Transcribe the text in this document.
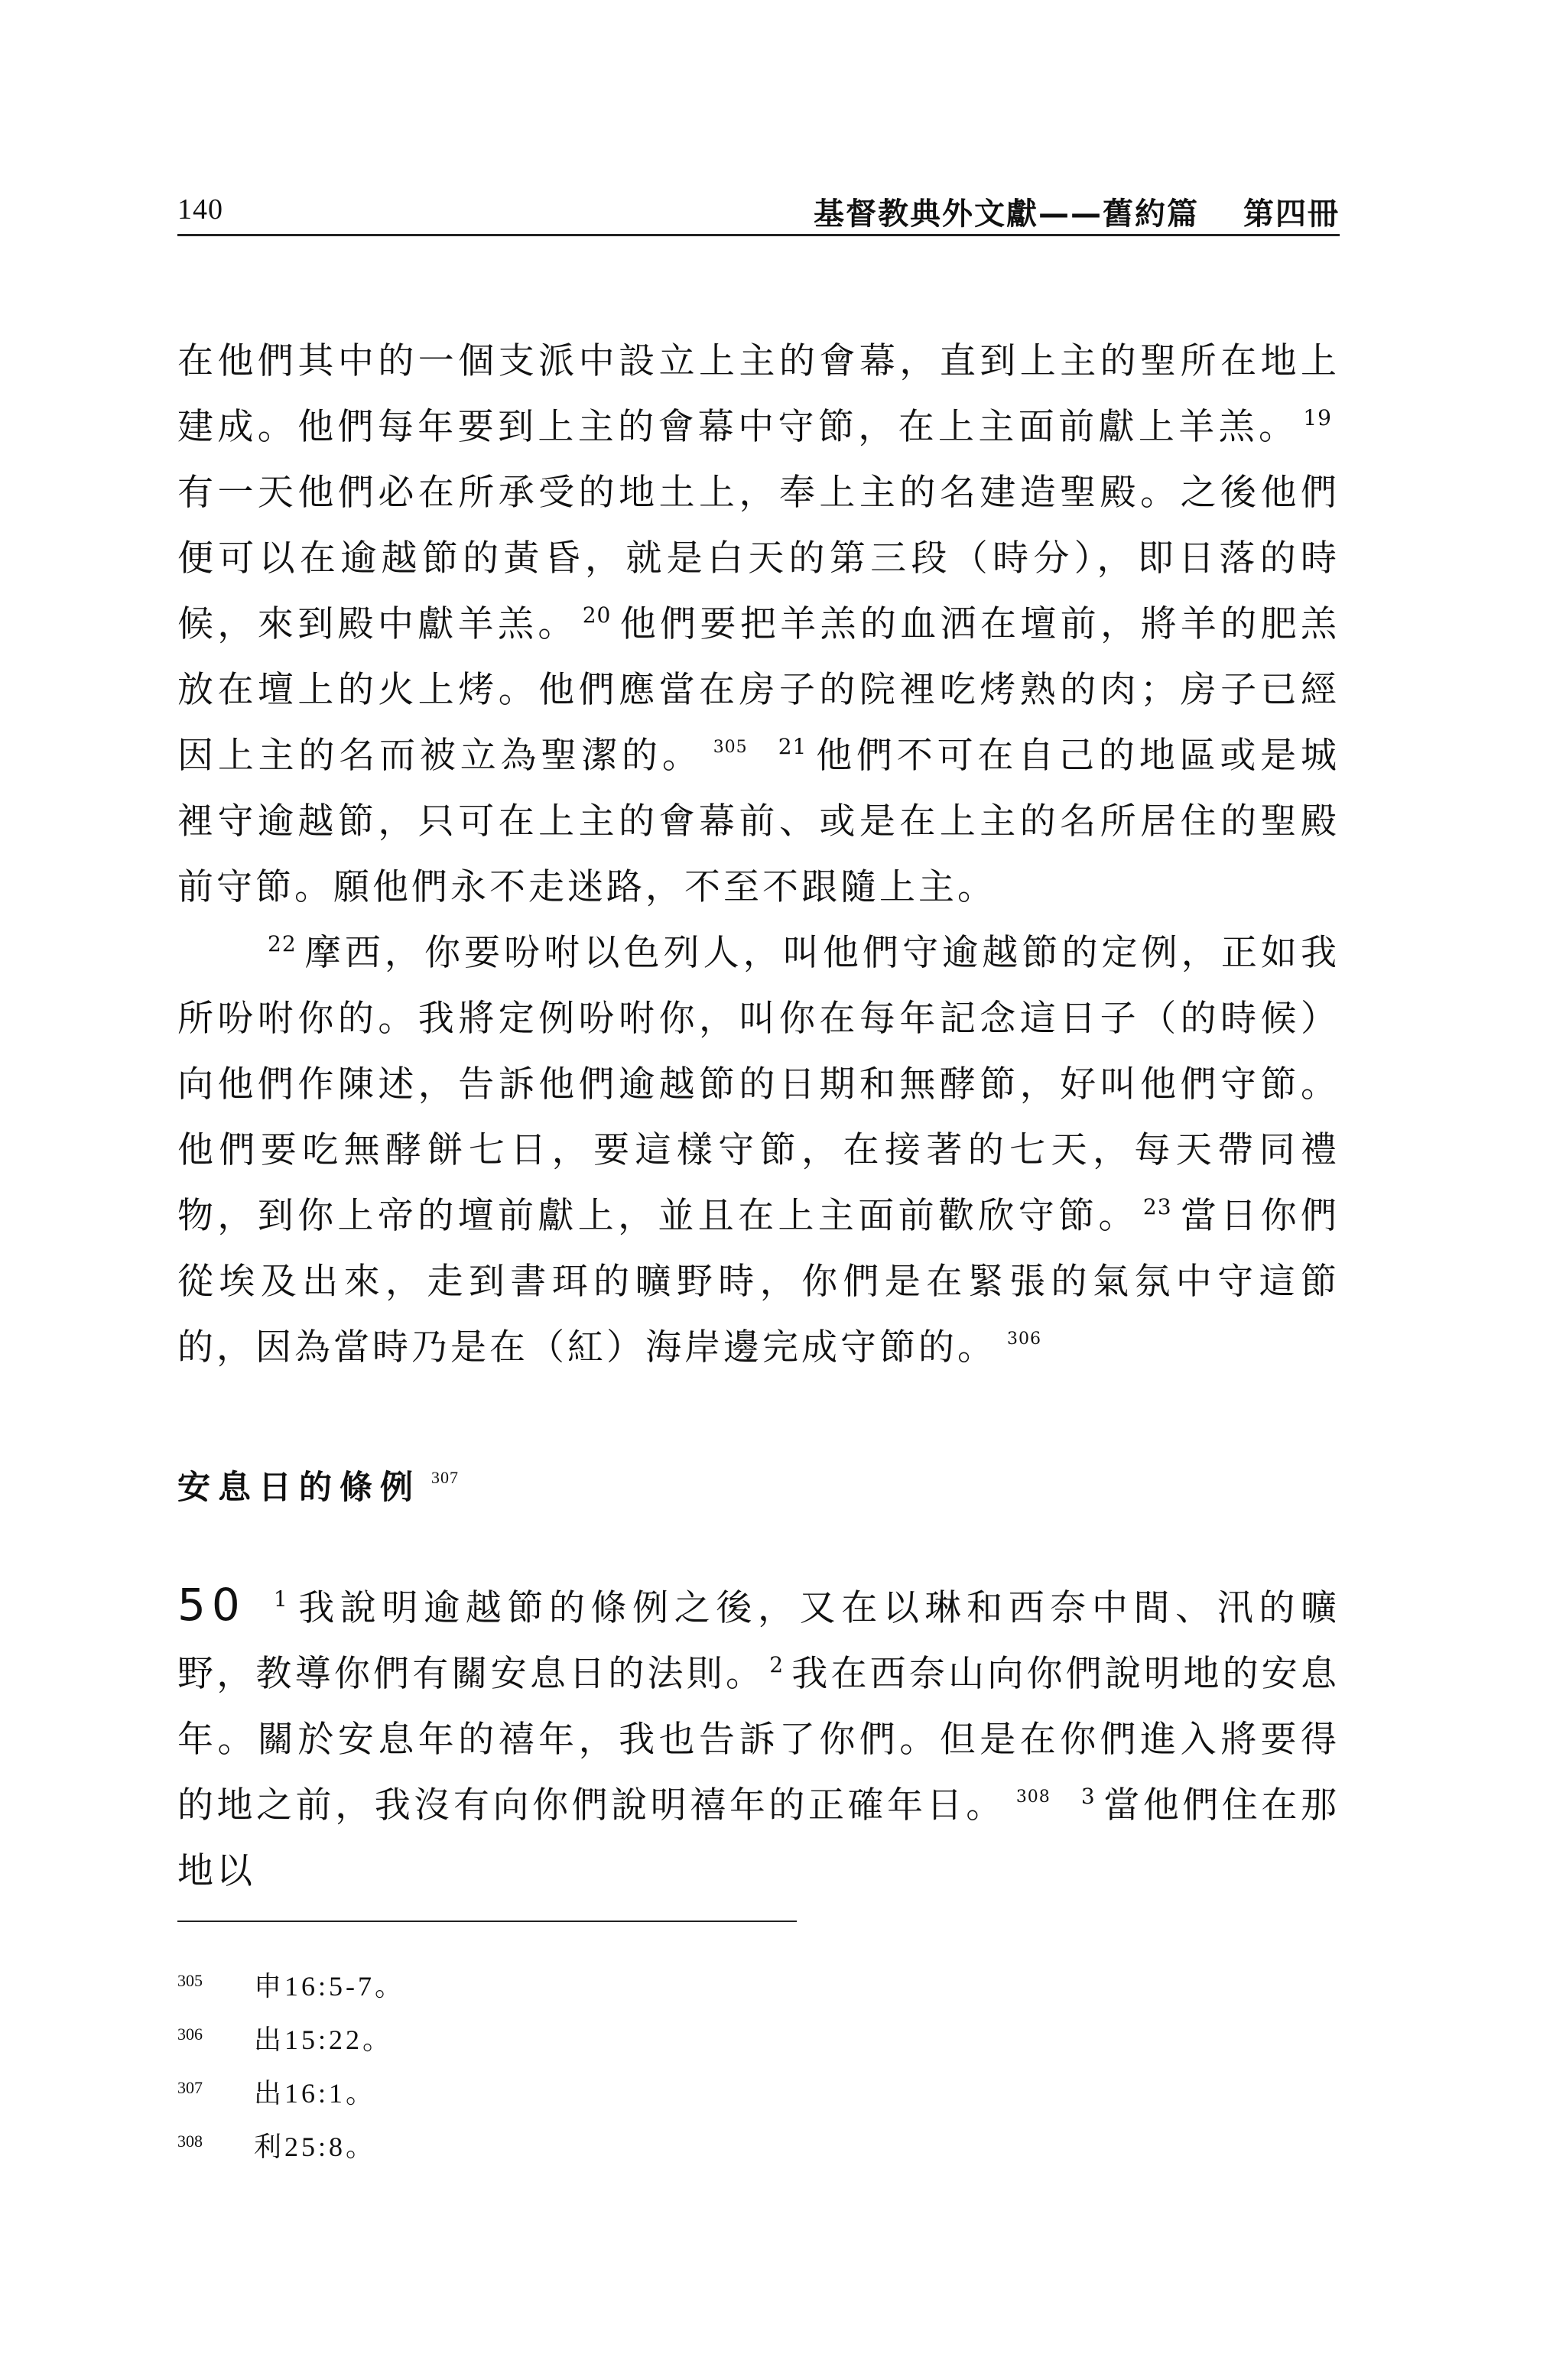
140	基督教典外文獻——舊約篇 第四冊

在他們其中的一個支派中設立上主的會幕，直到上主的聖所在地上建成。他們每年要到上主的會幕中守節，在上主面前獻上羊羔。 $^{19}$有一天他們必在所承受的地土上，奉上主的名建造聖殿。之後他們便可以在逾越節的黃昏，就是白天的第三段（時分），即日落的時候，來到殿中獻羊羔。 $^{20}$ 他們要把羊羔的血洒在壇前，將羊的肥羔放在壇上的火上烤。他們應當在房子的院裡吃烤熟的肉；房子已經因上主的名而被立為聖潔的。 $^{305}$ $^{21}$ 他們不可在自己的地區或是城裡守逾越節，只可在上主的會幕前、或是在上主的名所居住的聖殿前守節。願他們永不走迷路，不至不跟隨上主。

$^{22}$ 摩西，你要吩咐以色列人，叫他們守逾越節的定例，正如我所吩咐你的。我將定例吩咐你，叫你在每年記念這日子（的時候）向他們作陳述，告訴他們逾越節的日期和無酵節，好叫他們守節。他們要吃無酵餅七日，要這樣守節，在接著的七天，每天帶同禮物，到你上帝的壇前獻上，並且在上主面前歡欣守節。 $^{23}$ 當日你們從埃及出來，走到書珥的曠野時，你們是在緊張的氣氛中守這節的，因為當時乃是在（紅）海岸邊完成守節的。 $^{306}$

安息日的條例 $^{307}$

50 $^1$ 我說明逾越節的條例之後，又在以琳和西奈中間、汛的曠野，教導你們有關安息日的法則。 $^2$ 我在西奈山向你們說明地的安息年。關於安息年的禧年，我也告訴了你們。但是在你們進入將要得的地之前，我沒有向你們說明禧年的正確年日。 $^{308}$ $^3$ 當他們住在那地以

305 申16:5-7。
306 出15:22。
307 出16:1。
308 利25:8。
